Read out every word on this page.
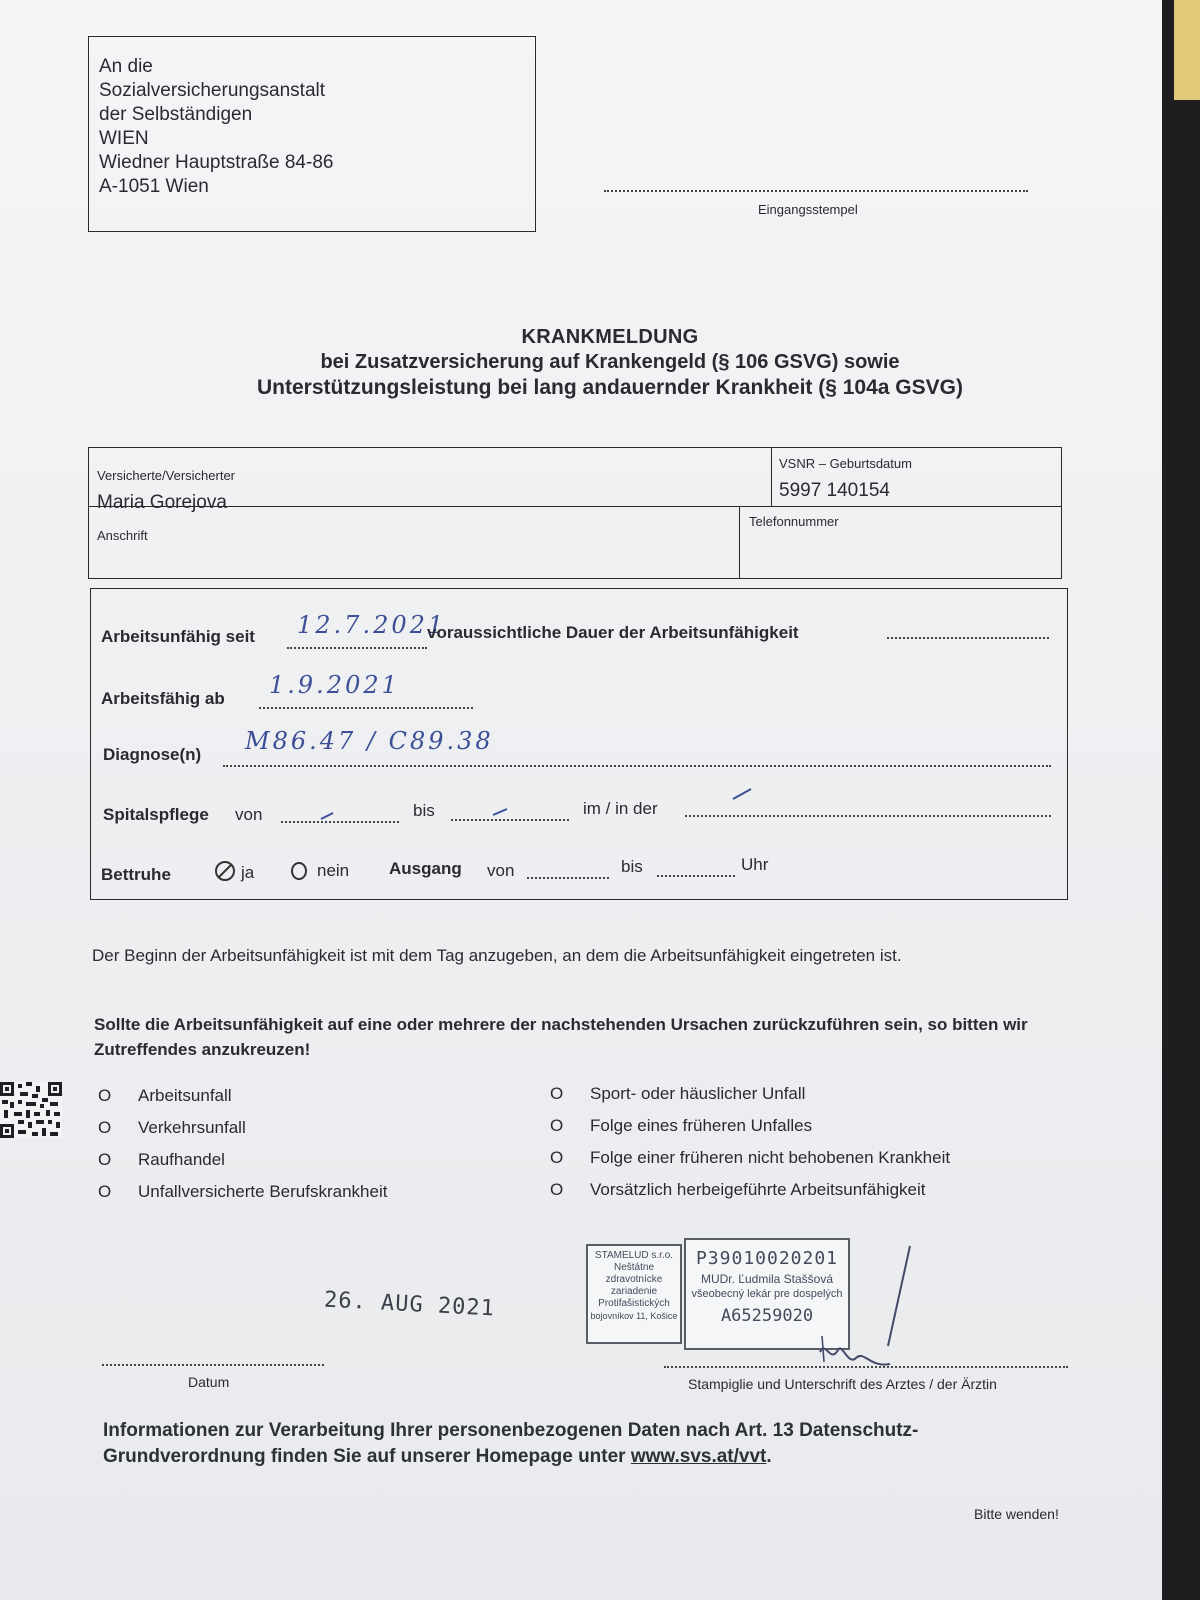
An die
Sozialversicherungsanstalt
der Selbständigen
WIEN
Wiedner Hauptstraße 84-86
A-1051 Wien
Eingangsstempel
KRANKMELDUNG
bei Zusatzversicherung auf Krankengeld (§ 106 GSVG) sowie
Unterstützungsleistung bei lang andauernder Krankheit (§ 104a GSVG)
Versicherte/Versicherter
Maria Gorejova
VSNR – Geburtsdatum
5997 140154
Anschrift
Telefonnummer
Arbeitsunfähig seit 12.7.2021
voraussichtliche Dauer der Arbeitsunfähigkeit
Arbeitsfähig ab 1.9.2021
Diagnose(n) M86.47 / C89.38
Spitalspflege von	bis	im / in der
Bettruhe	ja	nein Ausgang von	bis	Uhr
Der Beginn der Arbeitsunfähigkeit ist mit dem Tag anzugeben, an dem die Arbeitsunfähigkeit eingetreten ist.
Sollte die Arbeitsunfähigkeit auf eine oder mehrere der nachstehenden Ursachen zurückzuführen sein, so bitten wir Zutreffendes anzukreuzen!
O Arbeitsunfall
O Verkehrsunfall
O Raufhandel
O Unfallversicherte Berufskrankheit
O Sport- oder häuslicher Unfall
O Folge eines früheren Unfalles
O Folge einer früheren nicht behobenen Krankheit
O Vorsätzlich herbeigeführte Arbeitsunfähigkeit
STAMELUD s.r.o.
Neštátne
zdravotnícke
zariadenie
Protifašistických
bojovníkov 11, Košice
P39010020201
MUDr. Ľudmila Staššová
všeobecný lekár pre dospelých
A65259020
26. AUG 2021
Datum	Stampiglie und Unterschrift des Arztes / der Ärztin
Informationen zur Verarbeitung Ihrer personenbezogenen Daten nach Art. 13 Datenschutz-
Grundverordnung finden Sie auf unserer Homepage unter www.svs.at/vvt.
Bitte wenden!
